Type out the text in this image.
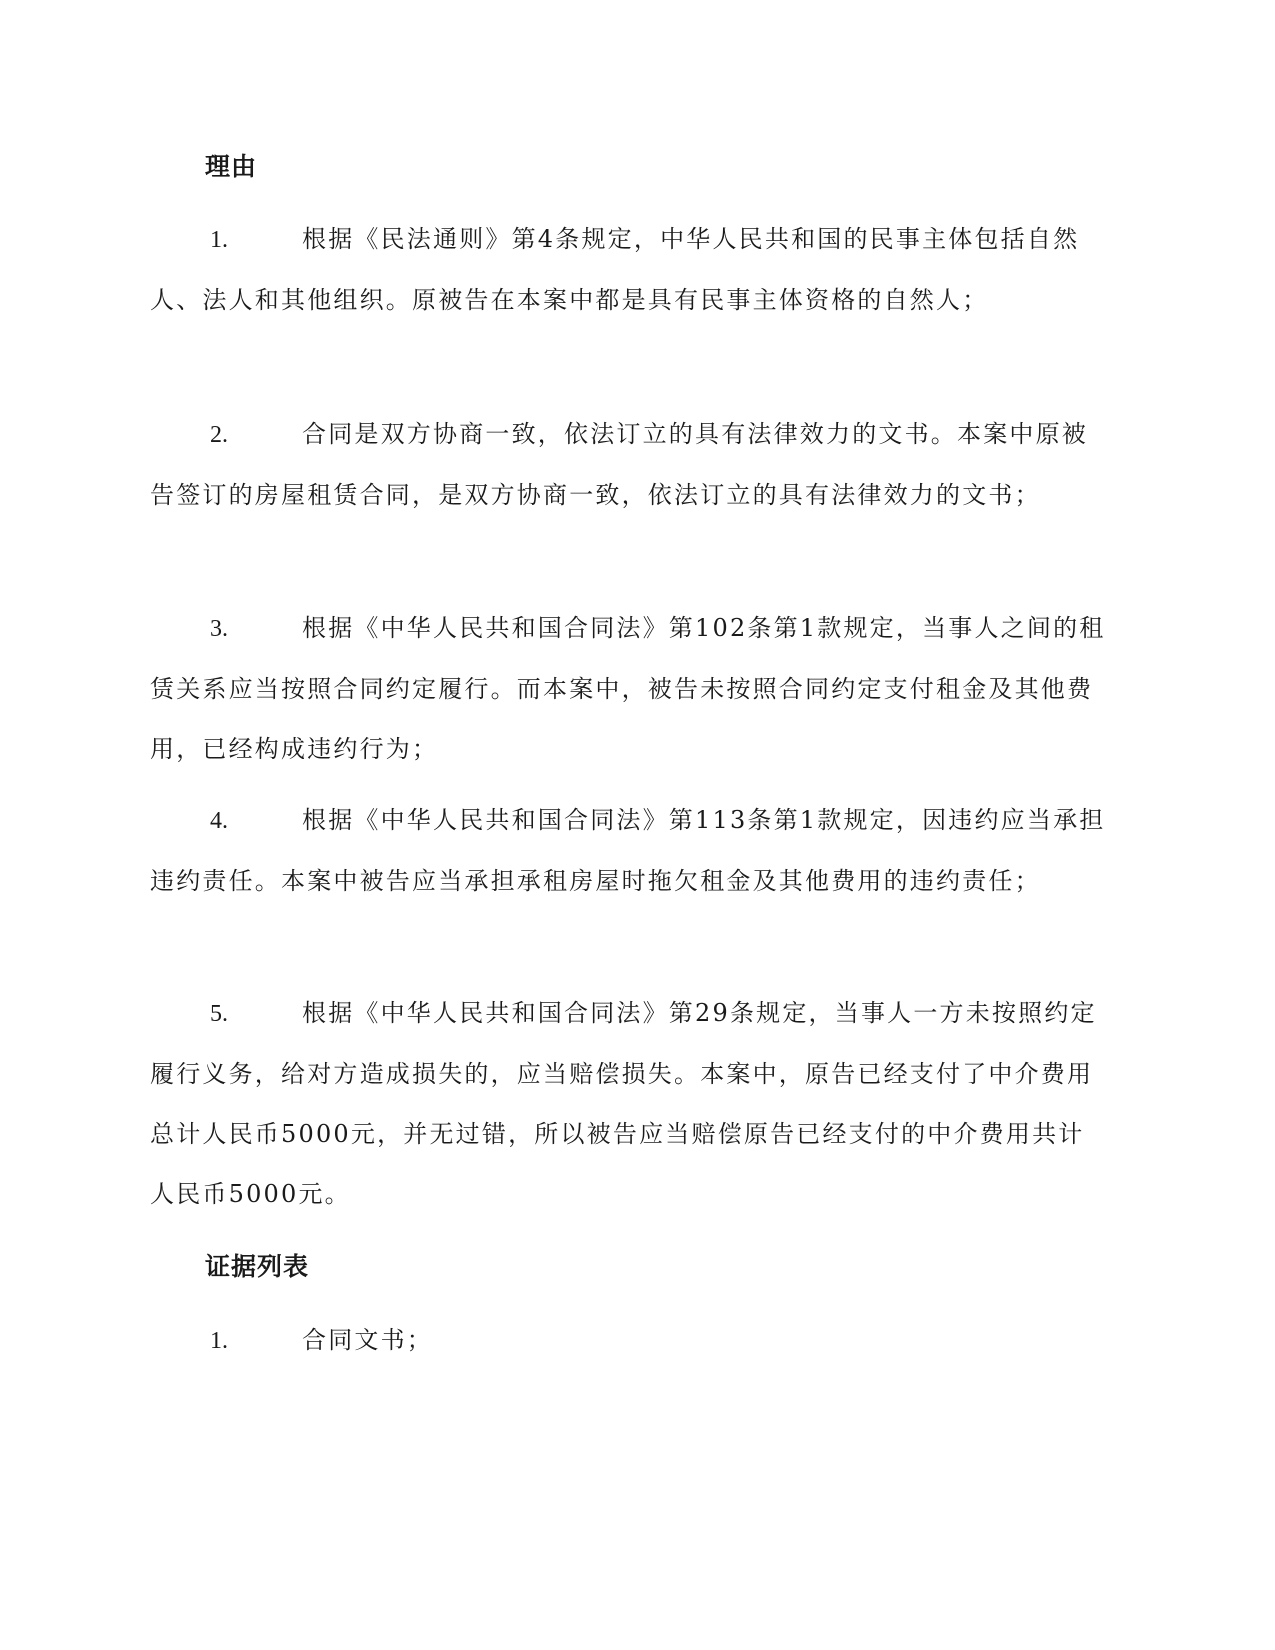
理由
1.	根据《民法通则》第4条规定，中华人民共和国的民事主体包括自然人、法人和其他组织。原被告在本案中都是具有民事主体资格的自然人；
2.	合同是双方协商一致，依法订立的具有法律效力的文书。本案中原被告签订的房屋租赁合同，是双方协商一致，依法订立的具有法律效力的文书；
3.	根据《中华人民共和国合同法》第102条第1款规定，当事人之间的租赁关系应当按照合同约定履行。而本案中，被告未按照合同约定支付租金及其他费用，已经构成违约行为；
4.	根据《中华人民共和国合同法》第113条第1款规定，因违约应当承担违约责任。本案中被告应当承担承租房屋时拖欠租金及其他费用的违约责任；
5.	根据《中华人民共和国合同法》第29条规定，当事人一方未按照约定履行义务，给对方造成损失的，应当赔偿损失。本案中，原告已经支付了中介费用总计人民币5000元，并无过错，所以被告应当赔偿原告已经支付的中介费用共计人民币5000元。
证据列表
1.	合同文书；
